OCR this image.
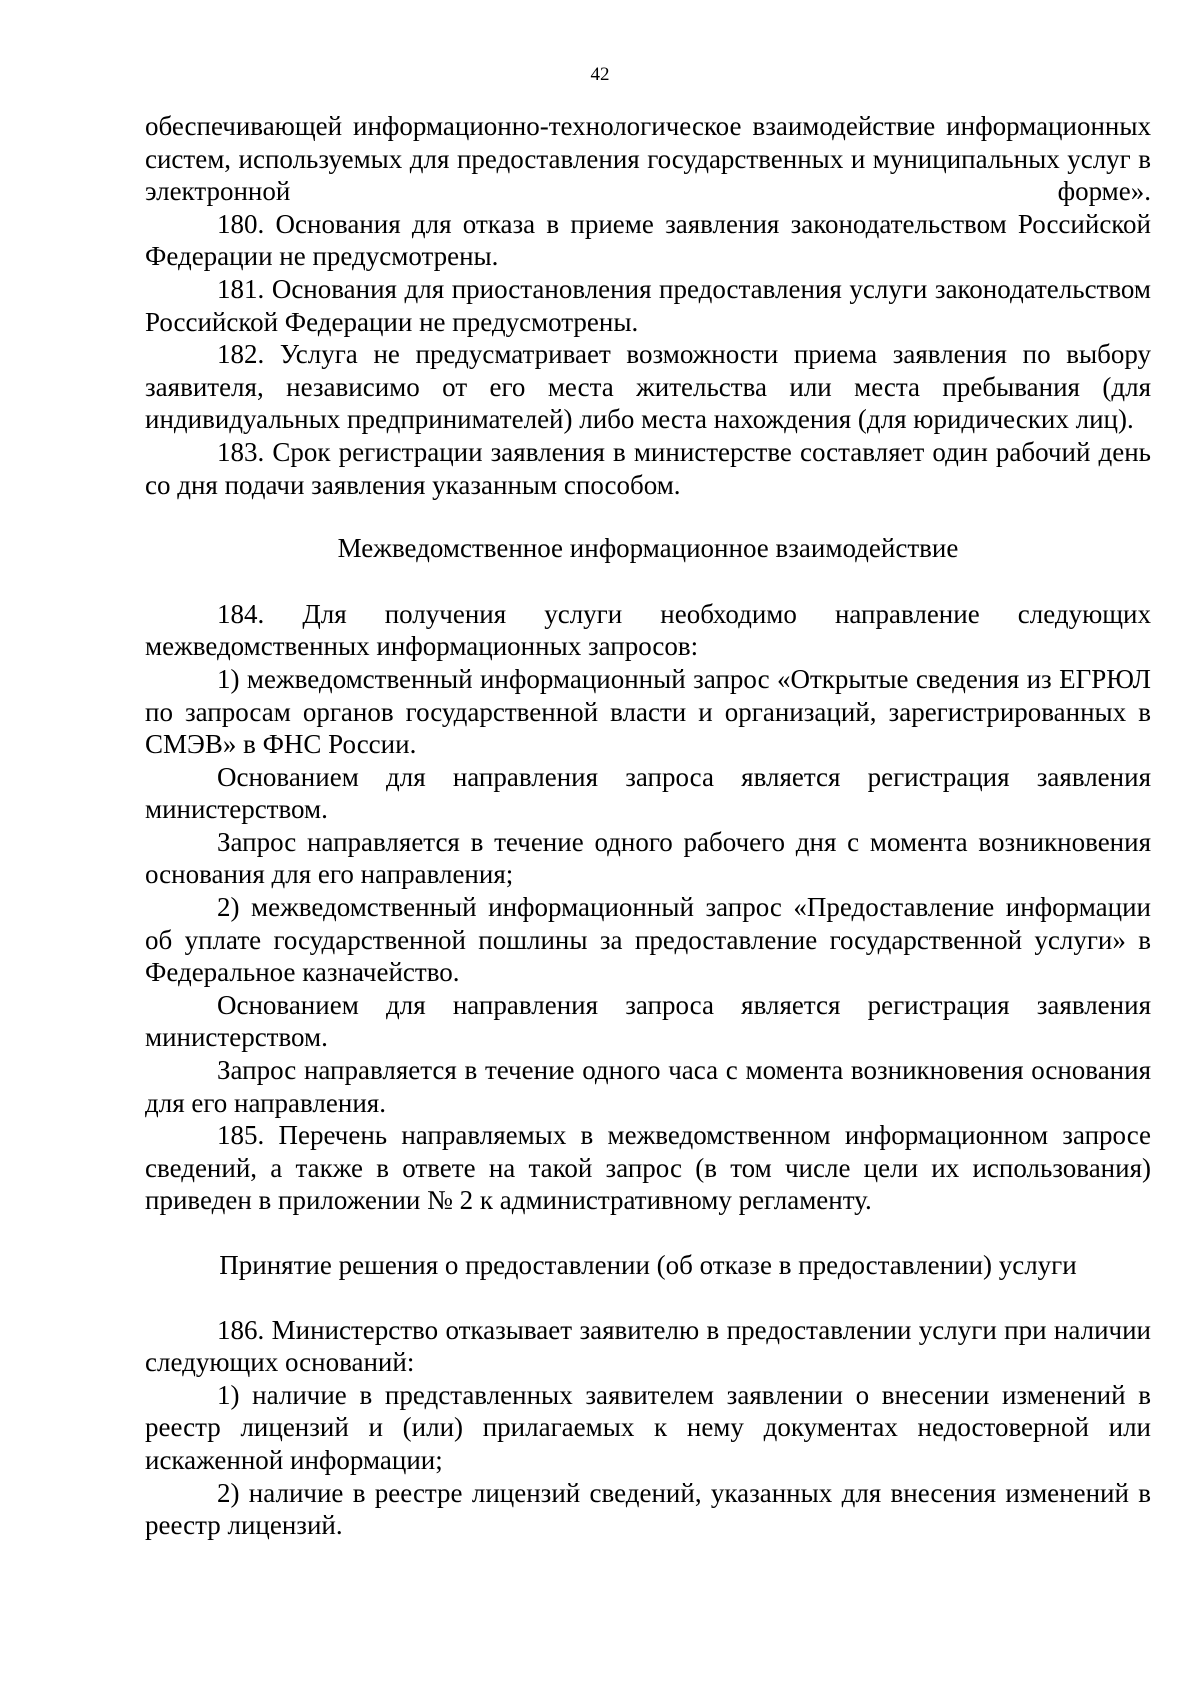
42

обеспечивающей информационно-технологическое взаимодействие информационных систем, используемых для предоставления государственных и муниципальных услуг в электронной форме».

180. Основания для отказа в приеме заявления законодательством Российской Федерации не предусмотрены.

181. Основания для приостановления предоставления услуги законодательством Российской Федерации не предусмотрены.

182. Услуга не предусматривает возможности приема заявления по выбору заявителя, независимо от его места жительства или места пребывания (для индивидуальных предпринимателей) либо места нахождения (для юридических лиц).

183. Срок регистрации заявления в министерстве составляет один рабочий день со дня подачи заявления указанным способом.

Межведомственное информационное взаимодействие

184. Для получения услуги необходимо направление следующих межведомственных информационных запросов:

1) межведомственный информационный запрос «Открытые сведения из ЕГРЮЛ по запросам органов государственной власти и организаций, зарегистрированных в СМЭВ» в ФНС России.

Основанием для направления запроса является регистрация заявления министерством.

Запрос направляется в течение одного рабочего дня с момента возникновения основания для его направления;

2) межведомственный информационный запрос «Предоставление информации об уплате государственной пошлины за предоставление государственной услуги» в Федеральное казначейство.

Основанием для направления запроса является регистрация заявления министерством.

Запрос направляется в течение одного часа с момента возникновения основания для его направления.

185. Перечень направляемых в межведомственном информационном запросе сведений, а также в ответе на такой запрос (в том числе цели их использования) приведен в приложении № 2 к административному регламенту.

Принятие решения о предоставлении (об отказе в предоставлении) услуги

186. Министерство отказывает заявителю в предоставлении услуги при наличии следующих оснований:

1) наличие в представленных заявителем заявлении о внесении изменений в реестр лицензий и (или) прилагаемых к нему документах недостоверной или искаженной информации;

2) наличие в реестре лицензий сведений, указанных для внесения изменений в реестр лицензий.
